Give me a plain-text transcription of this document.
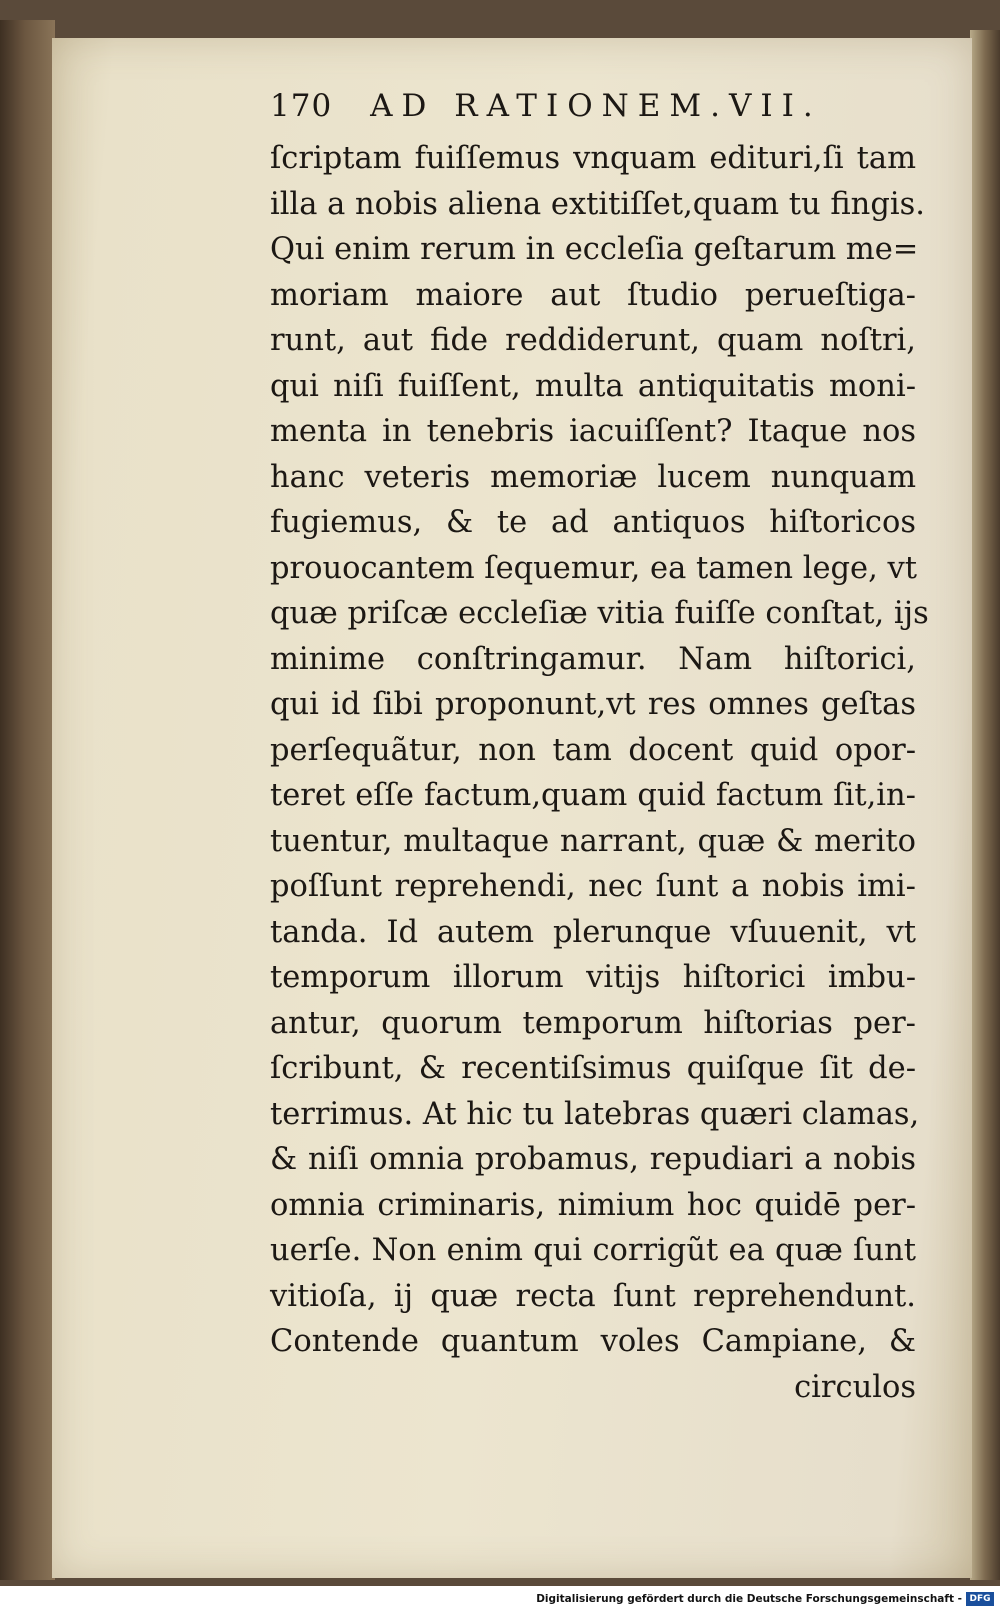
170 AD RATIONEM.VII.
ſcriptam fuiſſemus vnquam edituri,ſi tam
illa a nobis aliena extitiſſet,quam tu fingis.
Qui enim rerum in eccleſia geſtarum me=
moriam maiore aut ſtudio perueſtiga-
runt, aut fide reddiderunt, quam noſtri,
qui niſi fuiſſent, multa antiquitatis moni-
menta in tenebris iacuiſſent? Itaque nos
hanc veteris memoriæ lucem nunquam
fugiemus, & te ad antiquos hiſtoricos
prouocantem ſequemur, ea tamen lege, vt
quæ priſcæ eccleſiæ vitia fuiſſe conſtat, ijs
minime conſtringamur. Nam hiſtorici,
qui id ſibi proponunt,vt res omnes geſtas
perſequãtur, non tam docent quid opor-
teret eſſe factum,quam quid factum ſit,in-
tuentur, multaque narrant, quæ & merito
poſſunt reprehendi, nec ſunt a nobis imi-
tanda. Id autem plerunque vſuuenit, vt
temporum illorum vitijs hiſtorici imbu-
antur, quorum temporum hiſtorias per-
ſcribunt, & recentiſsimus quiſque ſit de-
terrimus. At hic tu latebras quæri clamas,
& niſi omnia probamus, repudiari a nobis
omnia criminaris, nimium hoc quidē per-
uerſe. Non enim qui corrigũt ea quæ ſunt
vitioſa, ij quæ recta ſunt reprehendunt.
Contende quantum voles Campiane, &
circulos
Digitalisierung gefördert durch die Deutsche Forschungsgemeinschaft - DFG
